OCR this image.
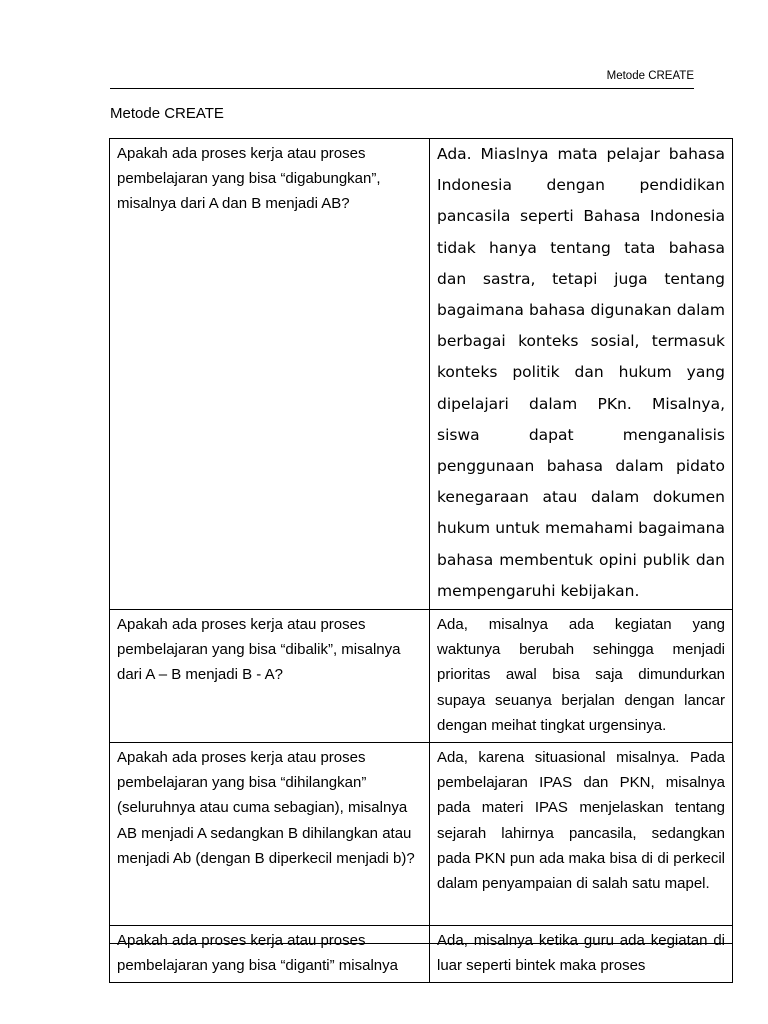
Metode CREATE
Metode CREATE
Apakah ada proses kerja atau proses pembelajaran yang bisa “digabungkan”, misalnya dari A dan B menjadi AB?	Ada. Miaslnya mata pelajar bahasa Indonesia dengan pendidikan pancasila seperti Bahasa Indonesia tidak hanya tentang tata bahasa dan sastra, tetapi juga tentang bagaimana bahasa digunakan dalam berbagai konteks sosial, termasuk konteks politik dan hukum yang dipelajari dalam PKn. Misalnya, siswa dapat menganalisis penggunaan bahasa dalam pidato kenegaraan atau dalam dokumen hukum untuk memahami bagaimana bahasa membentuk opini publik dan mempengaruhi kebijakan.
Apakah ada proses kerja atau proses pembelajaran yang bisa “dibalik”, misalnya dari A – B menjadi B - A?	Ada, misalnya ada kegiatan yang waktunya berubah sehingga menjadi prioritas awal bisa saja dimundurkan supaya seuanya berjalan dengan lancar dengan meihat tingkat urgensinya.
Apakah ada proses kerja atau proses pembelajaran yang bisa “dihilangkan” (seluruhnya atau cuma sebagian), misalnya AB menjadi A sedangkan B dihilangkan atau menjadi Ab (dengan B diperkecil menjadi b)?	Ada, karena situasional misalnya. Pada pembelajaran IPAS dan PKN, misalnya pada materi IPAS menjelaskan tentang sejarah lahirnya pancasila, sedangkan pada PKN pun ada maka bisa di di perkecil dalam penyampaian di salah satu mapel.
Apakah ada proses kerja atau proses pembelajaran yang bisa “diganti” misalnya	Ada, misalnya ketika guru ada kegiatan di luar seperti bintek maka proses
